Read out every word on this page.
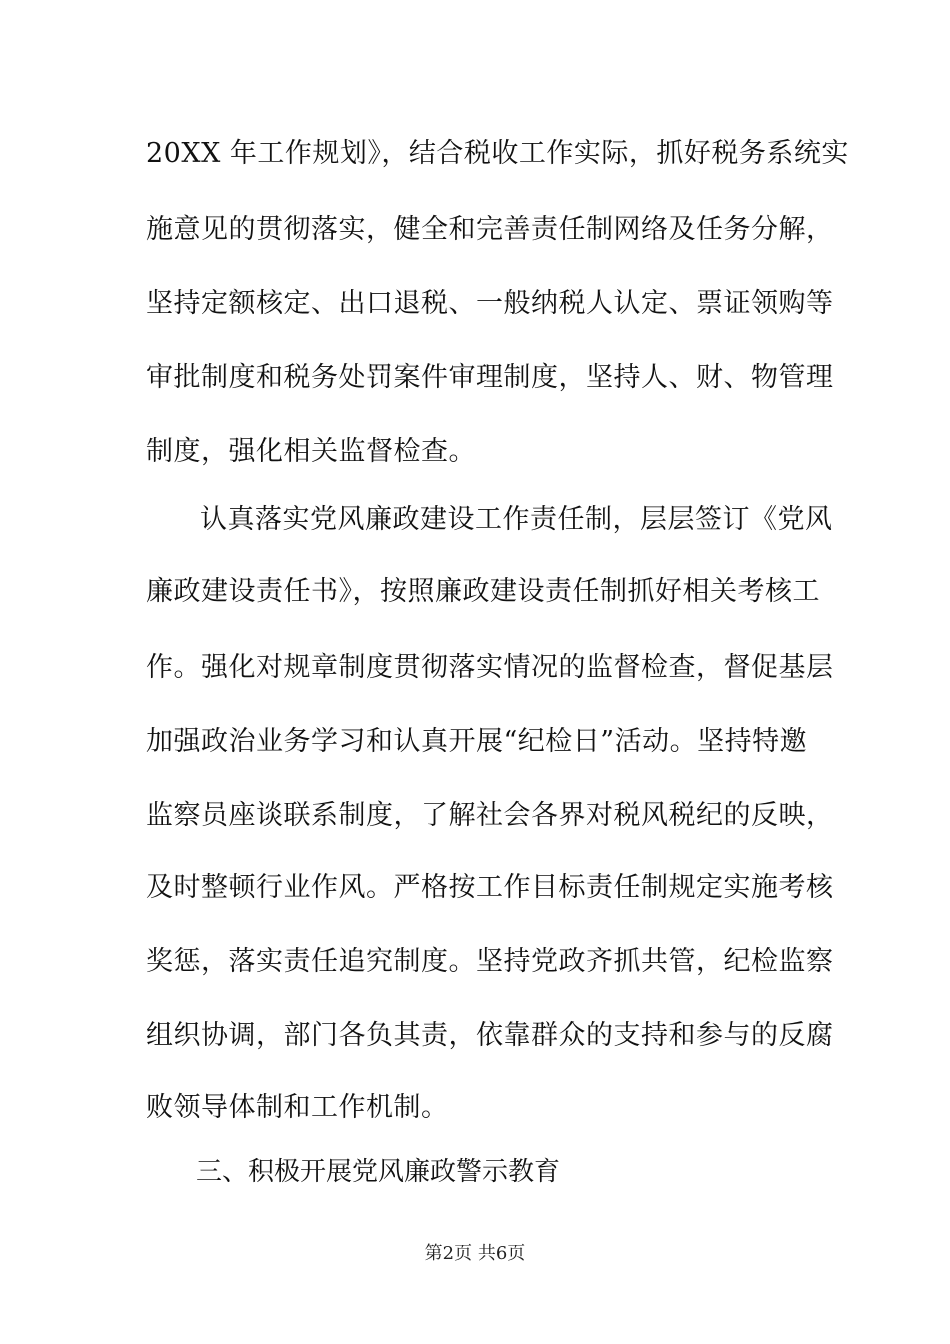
20XX 年工作规划》，结合税收工作实际，抓好税务系统实
施意见的贯彻落实，健全和完善责任制网络及任务分解，
坚持定额核定、出口退税、一般纳税人认定、票证领购等
审批制度和税务处罚案件审理制度，坚持人、财、物管理
制度，强化相关监督检查。
认真落实党风廉政建设工作责任制，层层签订《党风
廉政建设责任书》，按照廉政建设责任制抓好相关考核工
作。强化对规章制度贯彻落实情况的监督检查，督促基层
加强政治业务学习和认真开展“纪检日”活动。坚持特邀
监察员座谈联系制度，了解社会各界对税风税纪的反映，
及时整顿行业作风。严格按工作目标责任制规定实施考核
奖惩，落实责任追究制度。坚持党政齐抓共管，纪检监察
组织协调，部门各负其责，依靠群众的支持和参与的反腐
败领导体制和工作机制。
三、积极开展党风廉政警示教育
第2页 共6页
